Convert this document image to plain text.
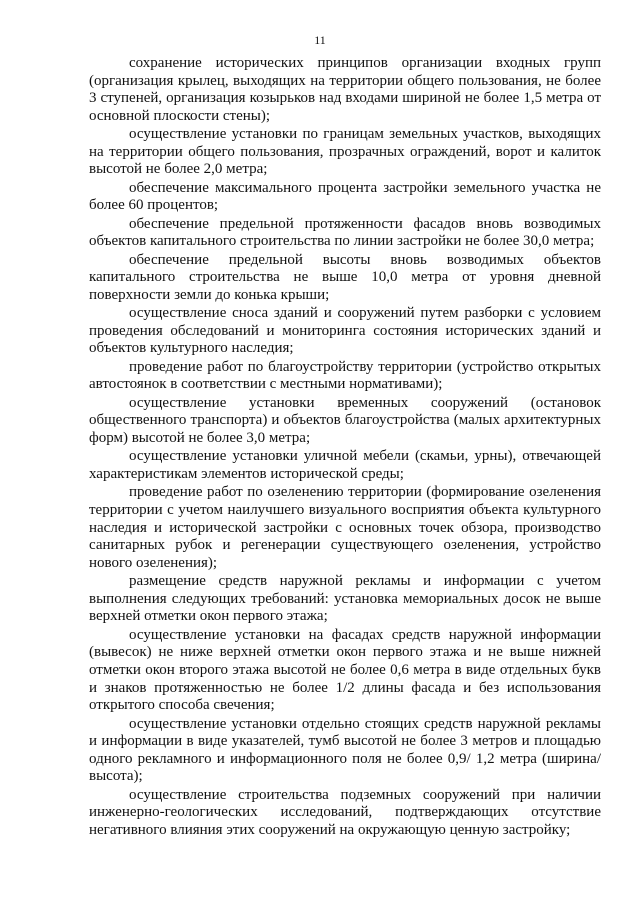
11

сохранение исторических принципов организации входных групп (организация крылец, выходящих на территории общего пользования, не более 3 ступеней, организация козырьков над входами шириной не более 1,5 метра от основной плоскости стены);

осуществление установки по границам земельных участков, выходящих на территории общего пользования, прозрачных ограждений, ворот и калиток высотой не более 2,0 метра;

обеспечение максимального процента застройки земельного участка не более 60 процентов;

обеспечение предельной протяженности фасадов вновь возводимых объектов капитального строительства по линии застройки не более 30,0 метра;

обеспечение предельной высоты вновь возводимых объектов капитального строительства не выше 10,0 метра от уровня дневной поверхности земли до конька крыши;

осуществление сноса зданий и сооружений путем разборки с условием проведения обследований и мониторинга состояния исторических зданий и объектов культурного наследия;

проведение работ по благоустройству территории (устройство открытых автостоянок в соответствии с местными нормативами);

осуществление установки временных сооружений (остановок общественного транспорта) и объектов благоустройства (малых архитектурных форм) высотой не более 3,0 метра;

осуществление установки уличной мебели (скамьи, урны), отвечающей характеристикам элементов исторической среды;

проведение работ по озеленению территории (формирование озеленения территории с учетом наилучшего визуального восприятия объекта культурного наследия и исторической застройки с основных точек обзора, производство санитарных рубок и регенерации существующего озеленения, устройство нового озеленения);

размещение средств наружной рекламы и информации с учетом выполнения следующих требований: установка мемориальных досок не выше верхней отметки окон первого этажа;

осуществление установки на фасадах средств наружной информации (вывесок) не ниже верхней отметки окон первого этажа и не выше нижней отметки окон второго этажа высотой не более 0,6 метра в виде отдельных букв и знаков протяженностью не более 1/2 длины фасада и без использования открытого способа свечения;

осуществление установки отдельно стоящих средств наружной рекламы и информации в виде указателей, тумб высотой не более 3 метров и площадью одного рекламного и информационного поля не более 0,9/ 1,2 метра (ширина/высота);

осуществление строительства подземных сооружений при наличии инженерно-геологических исследований, подтверждающих отсутствие негативного влияния этих сооружений на окружающую ценную застройку;
